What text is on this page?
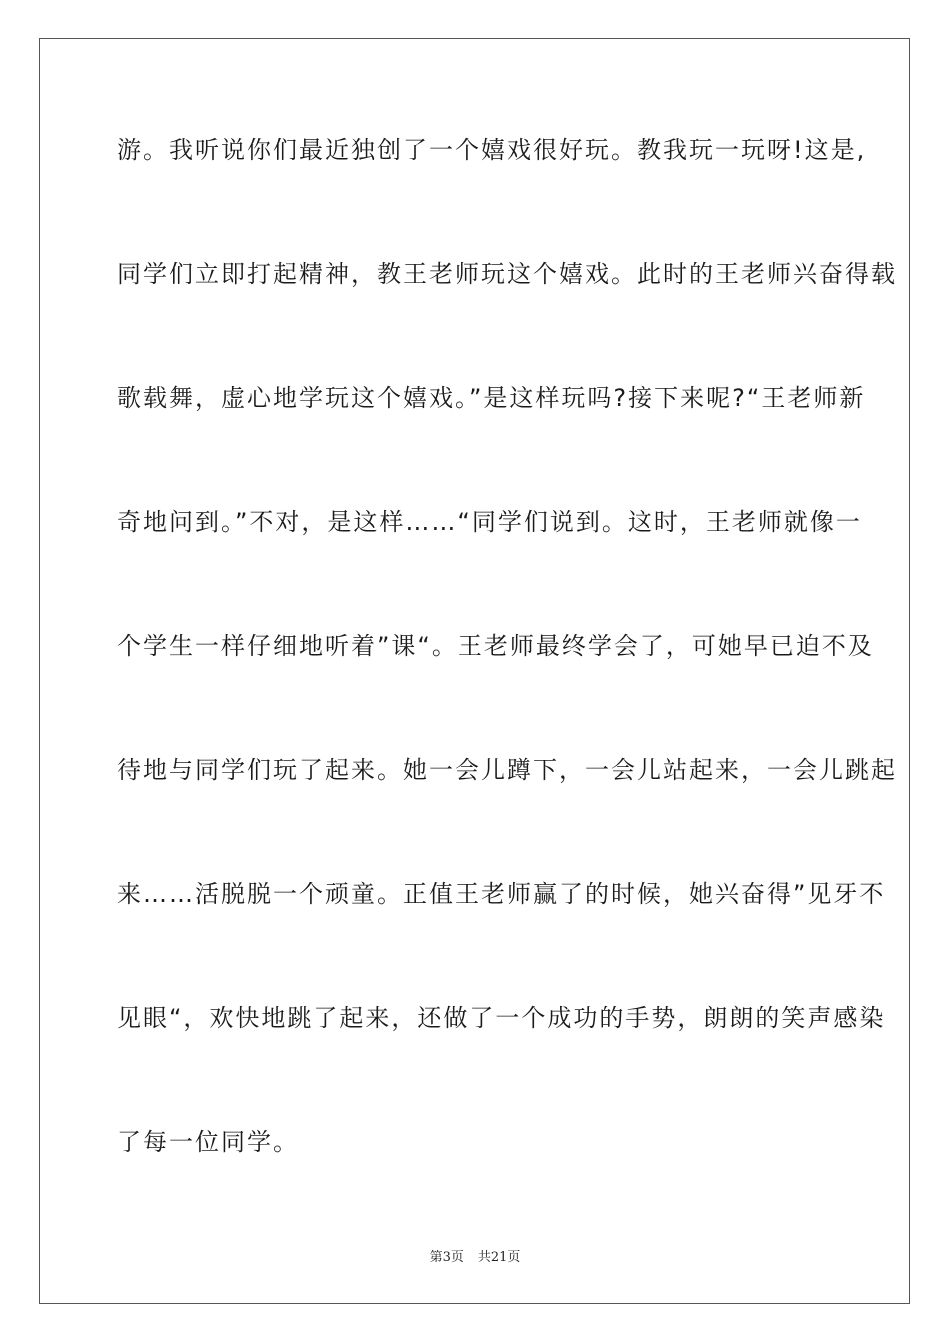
游。我听说你们最近独创了一个嬉戏很好玩。教我玩一玩呀!这是,
同学们立即打起精神，教王老师玩这个嬉戏。此时的王老师兴奋得载
歌载舞，虚心地学玩这个嬉戏。”是这样玩吗?接下来呢?“王老师新
奇地问到。”不对，是这样……“同学们说到。这时，王老师就像一
个学生一样仔细地听着”课“。王老师最终学会了，可她早已迫不及
待地与同学们玩了起来。她一会儿蹲下，一会儿站起来，一会儿跳起
来……活脱脱一个顽童。正值王老师赢了的时候，她兴奋得”见牙不
见眼“，欢快地跳了起来，还做了一个成功的手势，朗朗的笑声感染
了每一位同学。
第3页 共21页
